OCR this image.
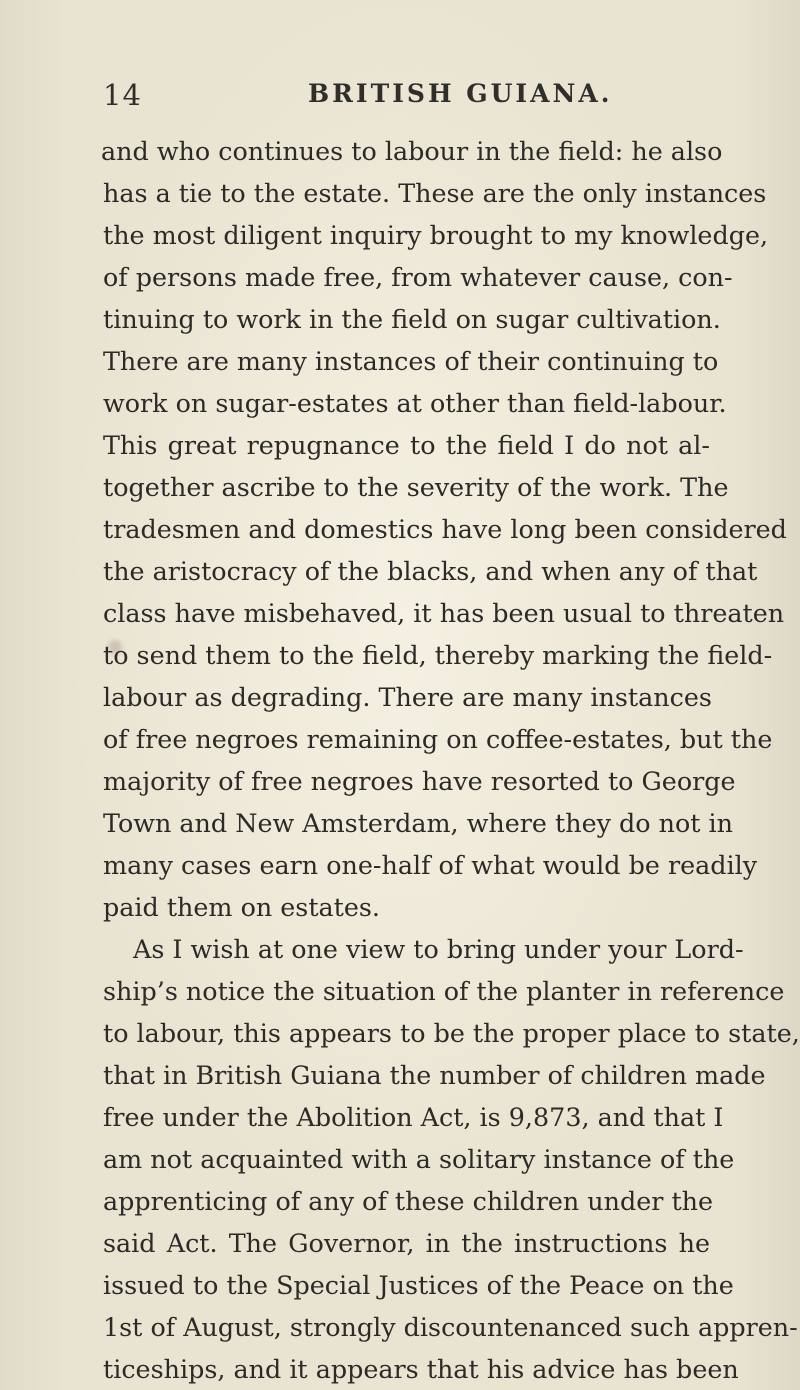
14	BRITISH GUIANA.
and who continues to labour in the field: he also
has a tie to the estate. These are the only instances
the most diligent inquiry brought to my knowledge,
of persons made free, from whatever cause, con-
tinuing to work in the field on sugar cultivation.
There are many instances of their continuing to
work on sugar-estates at other than field-labour.
This great repugnance to the field I do not al-
together ascribe to the severity of the work. The
tradesmen and domestics have long been considered
the aristocracy of the blacks, and when any of that
class have misbehaved, it has been usual to threaten
to send them to the field, thereby marking the field-
labour as degrading. There are many instances
of free negroes remaining on coffee-estates, but the
majority of free negroes have resorted to George
Town and New Amsterdam, where they do not in
many cases earn one-half of what would be readily
paid them on estates.
As I wish at one view to bring under your Lord-
ship’s notice the situation of the planter in reference
to labour, this appears to be the proper place to state,
that in British Guiana the number of children made
free under the Abolition Act, is 9,873, and that I
am not acquainted with a solitary instance of the
apprenticing of any of these children under the
said Act. The Governor, in the instructions he
issued to the Special Justices of the Peace on the
1st of August, strongly discountenanced such appren-
ticeships, and it appears that his advice has been
